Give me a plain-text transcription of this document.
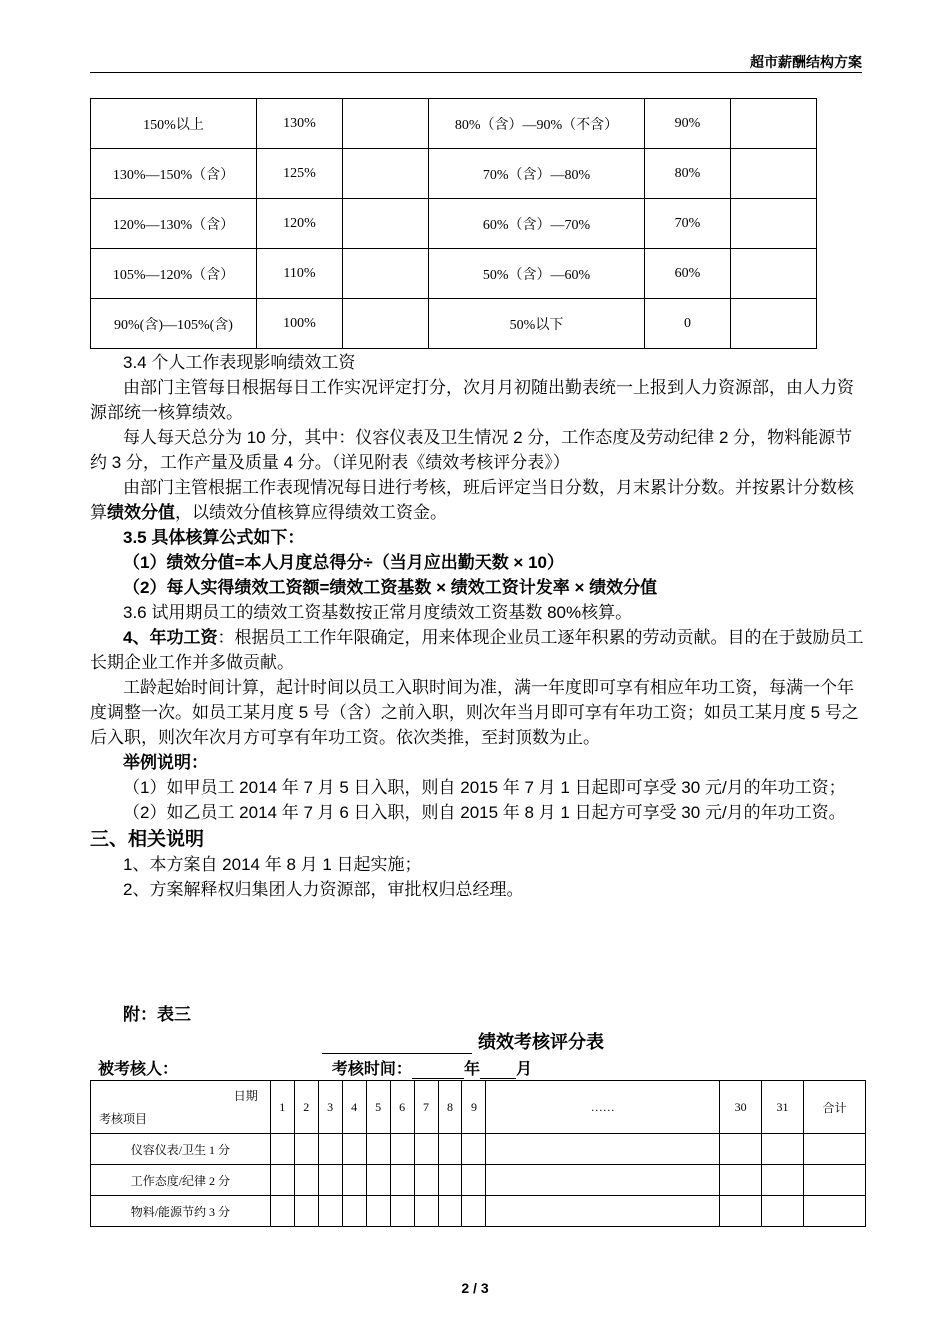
超市薪酬结构方案
150%以上	130%		80%（含）—90%（不含）	90%	
130%—150%（含）	125%		70%（含）—80%	80%	
120%—130%（含）	120%		60%（含）—70%	70%	
105%—120%（含）	110%		50%（含）—60%	60%	
90%(含)—105%(含)	100%		50%以下	0	

3.4 个人工作表现影响绩效工资

由部门主管每日根据每日工作实况评定打分，次月月初随出勤表统一上报到人力资源部，由人力资源部统一核算绩效。

每人每天总分为 10 分，其中：仪容仪表及卫生情况 2 分，工作态度及劳动纪律 2 分，物料能源节约 3 分，工作产量及质量 4 分。（详见附表《绩效考核评分表》）

由部门主管根据工作表现情况每日进行考核，班后评定当日分数，月末累计分数。并按累计分数核算绩效分值，以绩效分值核算应得绩效工资金。

3.5 具体核算公式如下：

（1）绩效分值=本人月度总得分÷（当月应出勤天数 × 10）

（2）每人实得绩效工资额=绩效工资基数 × 绩效工资计发率 × 绩效分值

3.6 试用期员工的绩效工资基数按正常月度绩效工资基数 80%核算。

4、年功工资：根据员工工作年限确定，用来体现企业员工逐年积累的劳动贡献。目的在于鼓励员工长期企业工作并多做贡献。

工龄起始时间计算，起计时间以员工入职时间为准，满一年度即可享有相应年功工资，每满一个年度调整一次。如员工某月度 5 号（含）之前入职，则次年当月即可享有年功工资；如员工某月度 5 号之后入职，则次年次月方可享有年功工资。依次类推，至封顶数为止。

举例说明：

（1）如甲员工 2014 年 7 月 5 日入职，则自 2015 年 7 月 1 日起即可享受 30 元/月的年功工资；

（2）如乙员工 2014 年 7 月 6 日入职，则自 2015 年 8 月 1 日起方可享受 30 元/月的年功工资。

三、相关说明

1、本方案自 2014 年 8 月 1 日起实施；

2、方案解释权归集团人力资源部，审批权归总经理。

附：表三
绩效考核评分表
被考核人：	考核时间：	年 月
日期
考核项目	1	2	3	4	5	6	7	8	9	……	30	31	合计
仪容仪表/卫生 1 分													
工作态度/纪律 2 分													
物料/能源节约 3 分													
2 / 3
